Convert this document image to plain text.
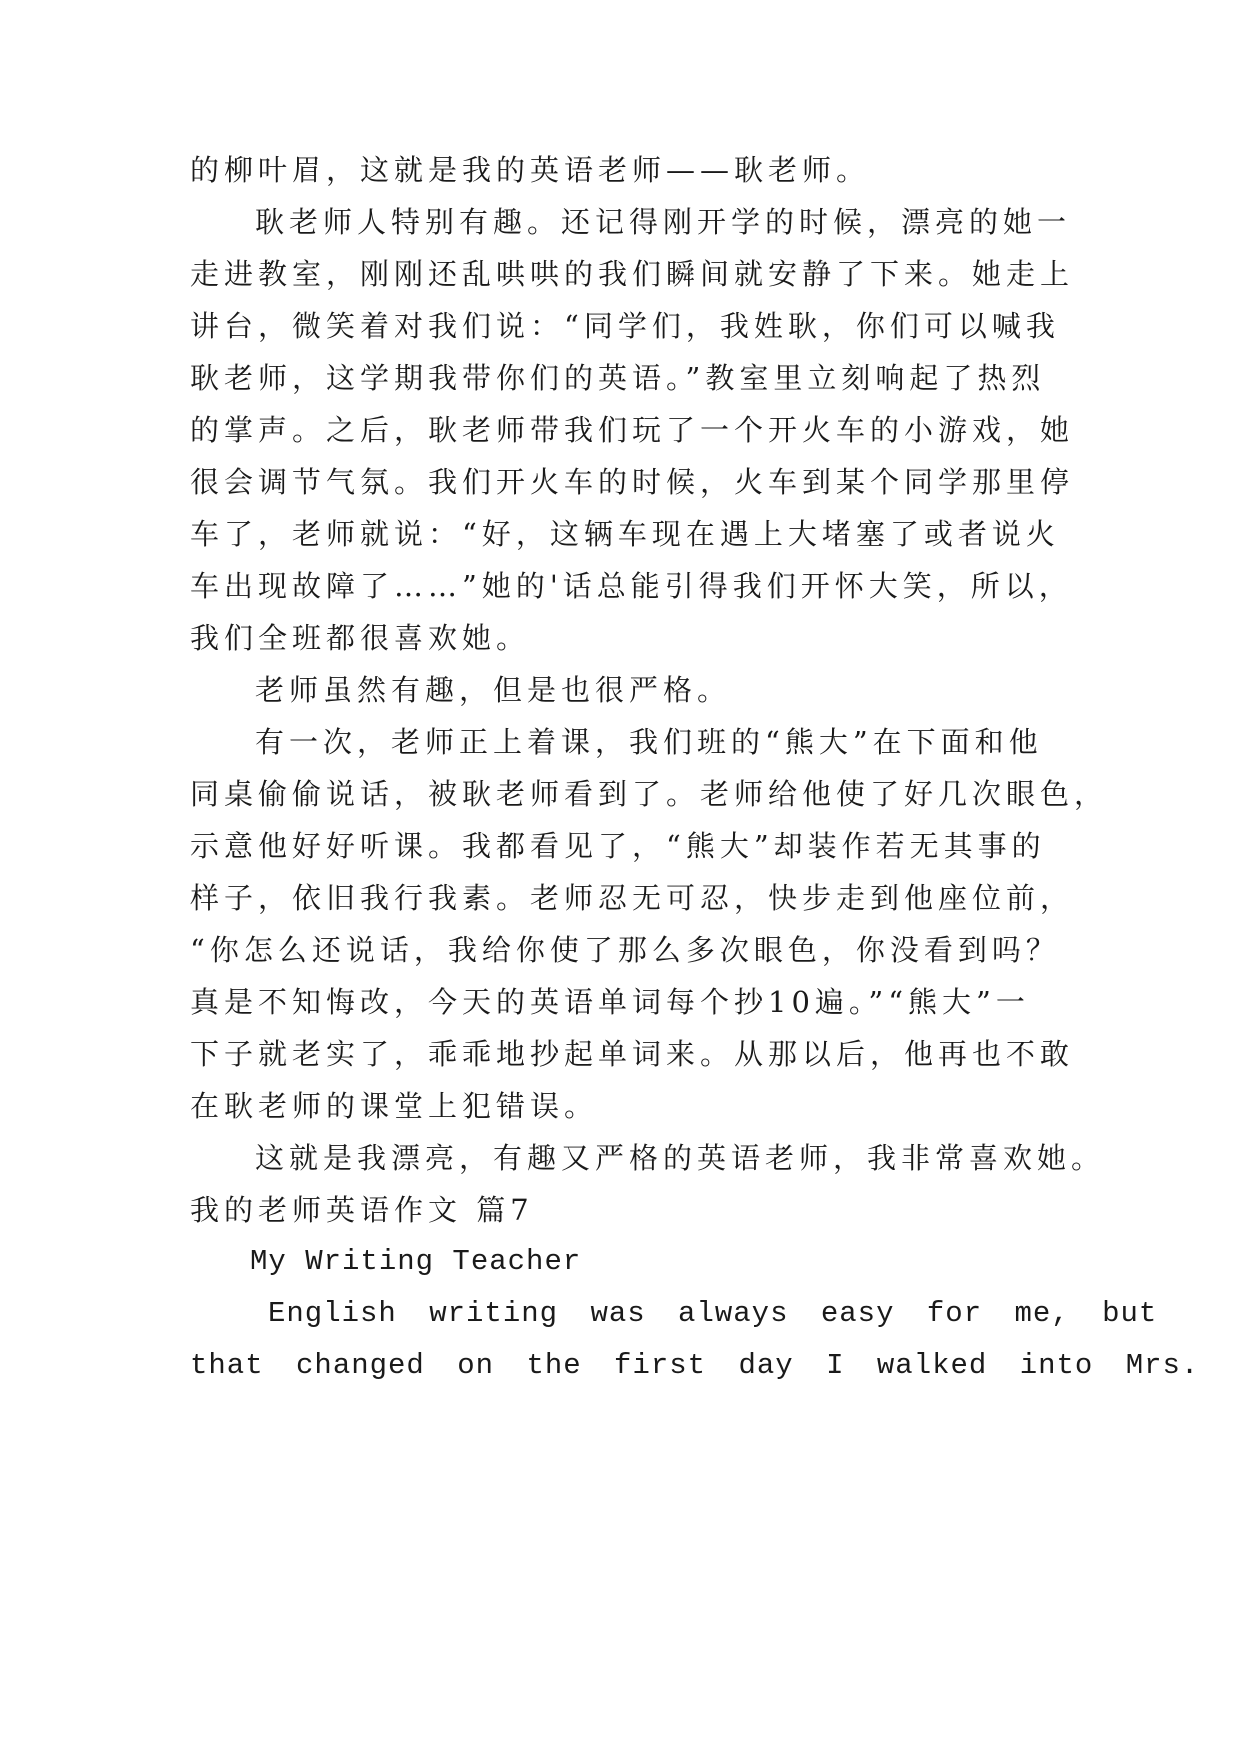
的柳叶眉，这就是我的英语老师——耿老师。
耿老师人特别有趣。还记得刚开学的时候，漂亮的她一
走进教室，刚刚还乱哄哄的我们瞬间就安静了下来。她走上
讲台，微笑着对我们说：“同学们，我姓耿，你们可以喊我
耿老师，这学期我带你们的英语。”教室里立刻响起了热烈
的掌声。之后，耿老师带我们玩了一个开火车的小游戏，她
很会调节气氛。我们开火车的时候，火车到某个同学那里停
车了，老师就说：“好，这辆车现在遇上大堵塞了或者说火
车出现故障了……”她的'话总能引得我们开怀大笑，所以，
我们全班都很喜欢她。
老师虽然有趣，但是也很严格。
有一次，老师正上着课，我们班的“熊大”在下面和他
同桌偷偷说话，被耿老师看到了。老师给他使了好几次眼色，
示意他好好听课。我都看见了，“熊大”却装作若无其事的
样子，依旧我行我素。老师忍无可忍，快步走到他座位前，
“你怎么还说话，我给你使了那么多次眼色，你没看到吗？
真是不知悔改，今天的英语单词每个抄10遍。”“熊大”一
下子就老实了，乖乖地抄起单词来。从那以后，他再也不敢
在耿老师的课堂上犯错误。
这就是我漂亮，有趣又严格的英语老师，我非常喜欢她。
我的老师英语作文 篇7
My Writing Teacher
English writing was always easy for me, but
that changed on the first day I walked into Mrs.
